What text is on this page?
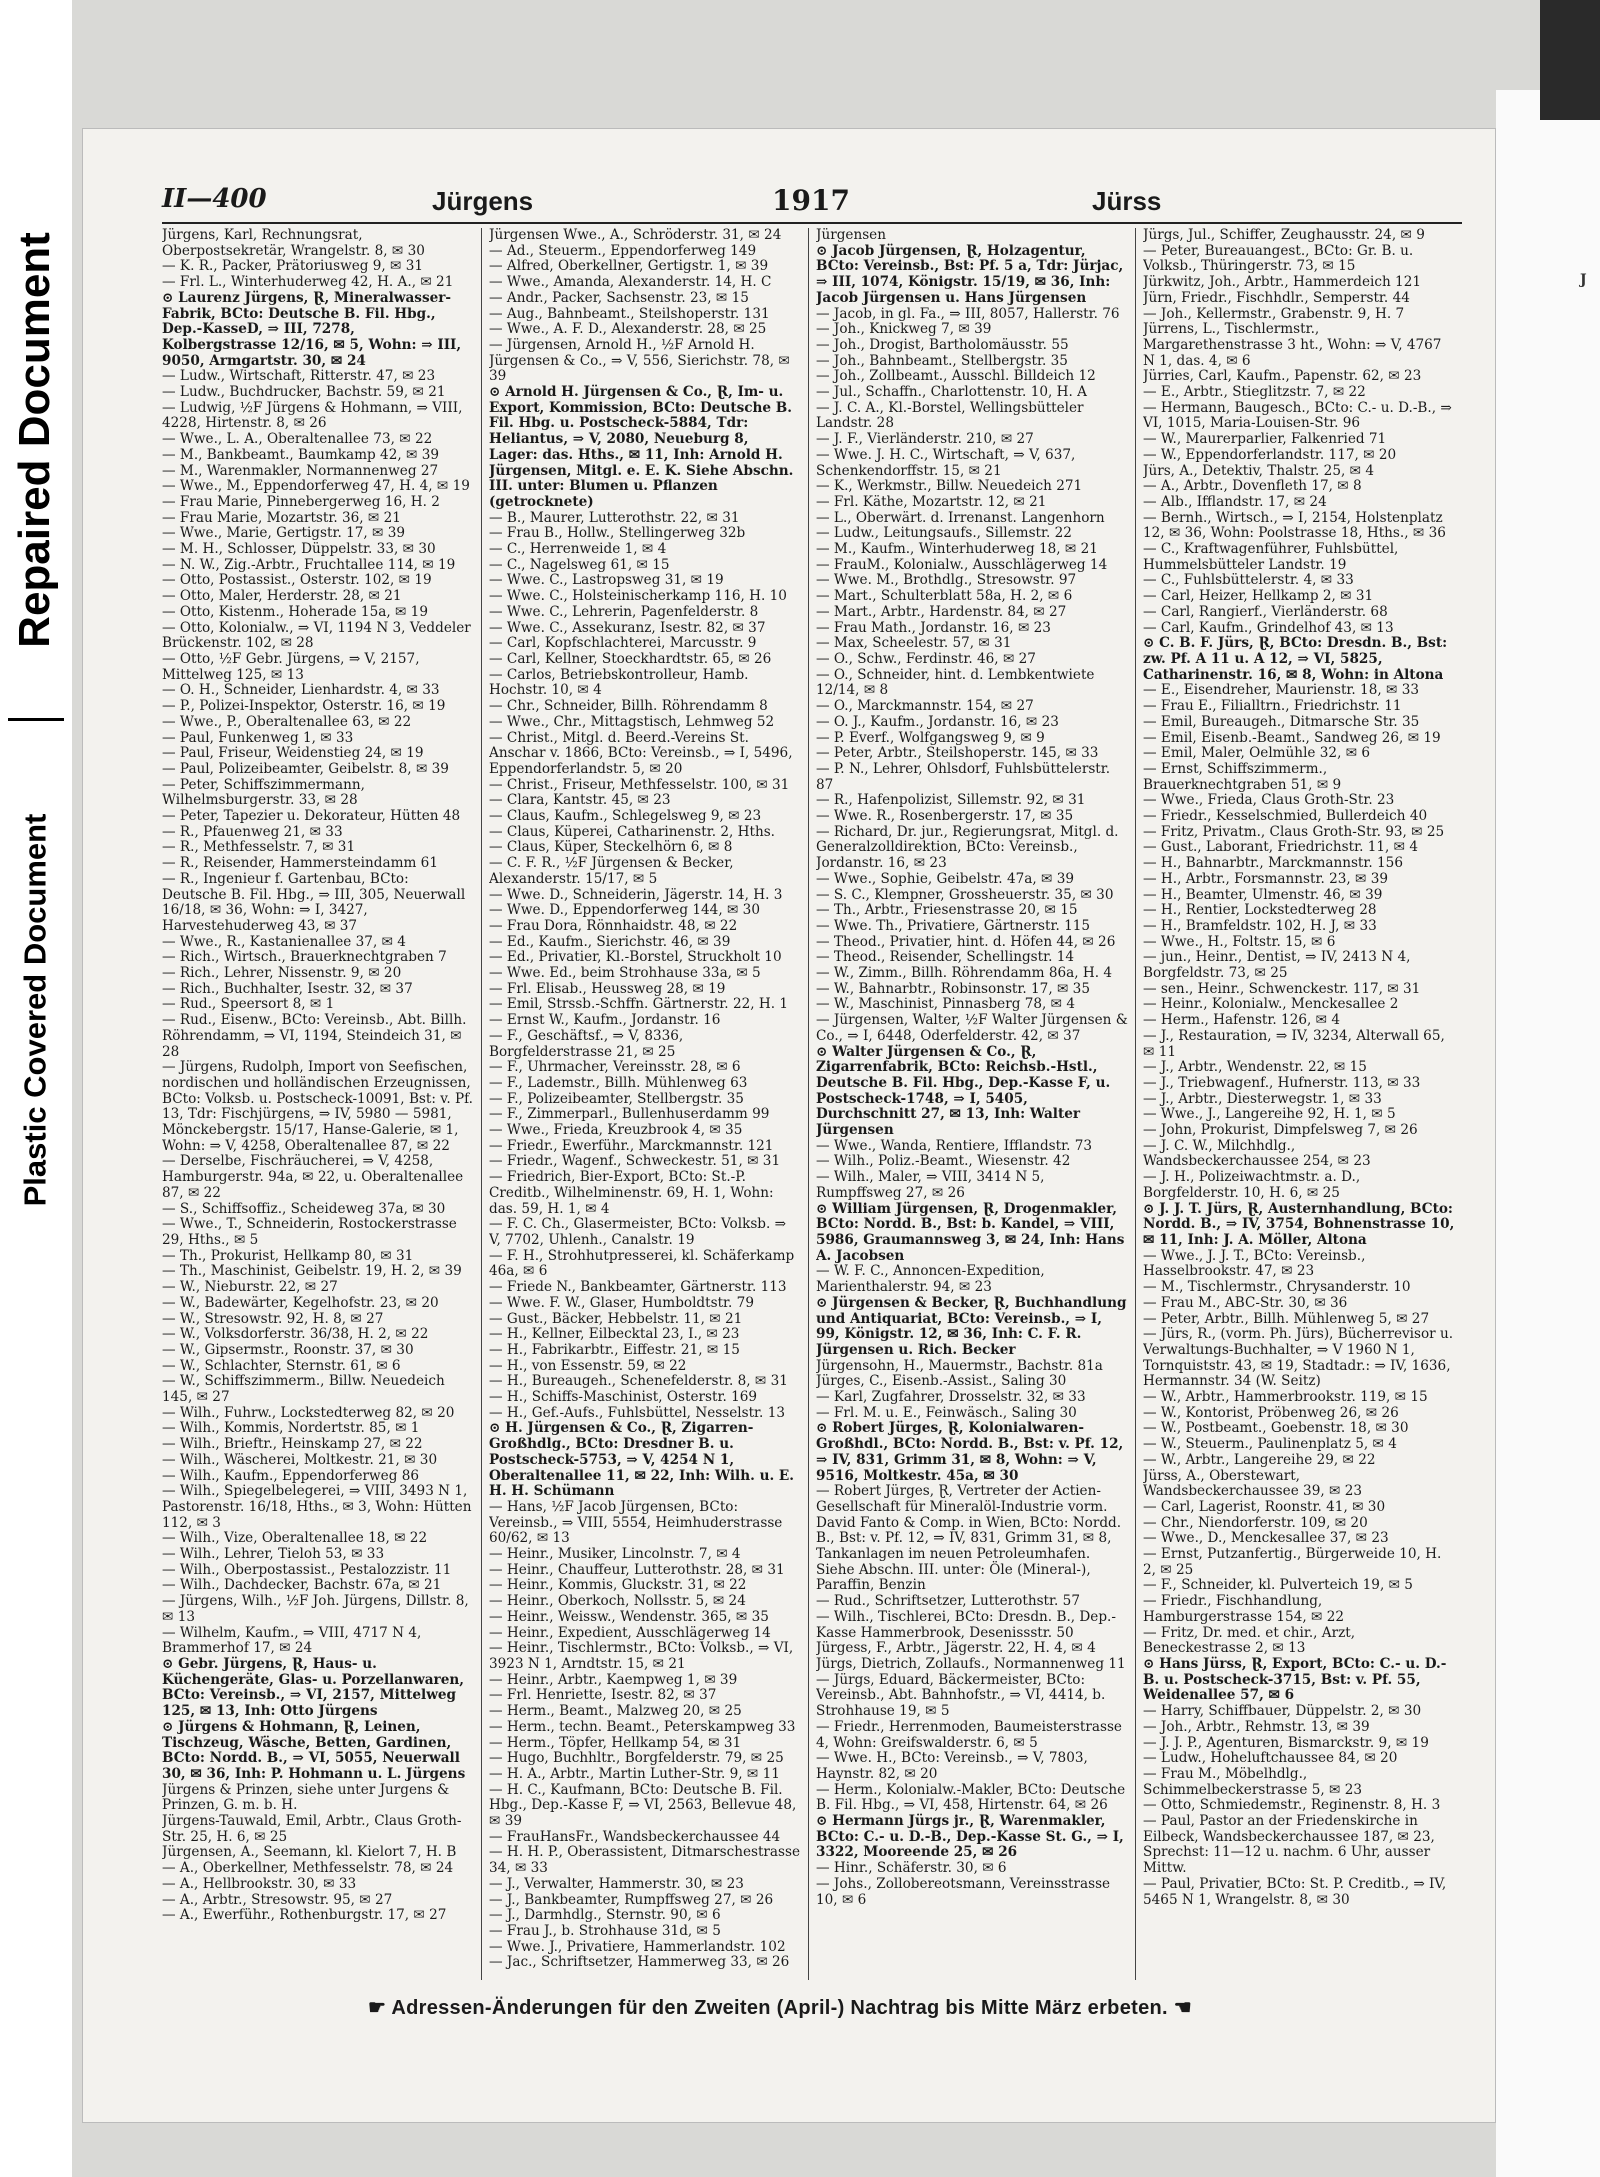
Repaired Document
Plastic Covered Document
J
II—400	Jürgens	1917	Jürss

Jürgens, Karl, Rechnungsrat, Oberpostsekretär, Wrangelstr. 8, ✉ 30

— K. R., Packer, Prätoriusweg 9, ✉ 31

— Frl. L., Winterhuderweg 42, H. A., ✉ 21

⊙ Laurenz Jürgens, Ɽ, Mineralwasser-Fabrik, BCto: Deutsche B. Fil. Hbg., Dep.-KasseD, ⇒ III, 7278, Kolbergstrasse 12/16, ✉ 5, Wohn: ⇒ III, 9050, Armgartstr. 30, ✉ 24

— Ludw., Wirtschaft, Ritterstr. 47, ✉ 23

— Ludw., Buchdrucker, Bachstr. 59, ✉ 21

— Ludwig, ½F Jürgens & Hohmann, ⇒ VIII, 4228, Hirtenstr. 8, ✉ 26

— Wwe., L. A., Oberaltenallee 73, ✉ 22

— M., Bankbeamt., Baumkamp 42, ✉ 39

— M., Warenmakler, Normannenweg 27

— Wwe., M., Eppendorferweg 47, H. 4, ✉ 19

— Frau Marie, Pinnebergerweg 16, H. 2

— Frau Marie, Mozartstr. 36, ✉ 21

— Wwe., Marie, Gertigstr. 17, ✉ 39

— M. H., Schlosser, Düppelstr. 33, ✉ 30

— N. W., Zig.-Arbtr., Fruchtallee 114, ✉ 19

— Otto, Postassist., Osterstr. 102, ✉ 19

— Otto, Maler, Herderstr. 28, ✉ 21

— Otto, Kistenm., Hoherade 15a, ✉ 19

— Otto, Kolonialw., ⇒ VI, 1194 N 3, Veddeler Brückenstr. 102, ✉ 28

— Otto, ½F Gebr. Jürgens, ⇒ V, 2157, Mittelweg 125, ✉ 13

— O. H., Schneider, Lienhardstr. 4, ✉ 33

— P., Polizei-Inspektor, Osterstr. 16, ✉ 19

— Wwe., P., Oberaltenallee 63, ✉ 22

— Paul, Funkenweg 1, ✉ 33

— Paul, Friseur, Weidenstieg 24, ✉ 19

— Paul, Polizeibeamter, Geibelstr. 8, ✉ 39

— Peter, Schiffszimmermann, Wilhelmsburgerstr. 33, ✉ 28

— Peter, Tapezier u. Dekorateur, Hütten 48

— R., Pfauenweg 21, ✉ 33

— R., Methfesselstr. 7, ✉ 31

— R., Reisender, Hammersteindamm 61

— R., Ingenieur f. Gartenbau, BCto: Deutsche B. Fil. Hbg., ⇒ III, 305, Neuerwall 16/18, ✉ 36, Wohn: ⇒ I, 3427, Harvestehuderweg 43, ✉ 37

— Wwe., R., Kastanienallee 37, ✉ 4

— Rich., Wirtsch., Brauerknechtgraben 7

— Rich., Lehrer, Nissenstr. 9, ✉ 20

— Rich., Buchhalter, Isestr. 32, ✉ 37

— Rud., Speersort 8, ✉ 1

— Rud., Eisenw., BCto: Vereinsb., Abt. Billh. Röhrendamm, ⇒ VI, 1194, Steindeich 31, ✉ 28

— Jürgens, Rudolph, Import von Seefischen, nordischen und holländischen Erzeugnissen, BCto: Volksb. u. Postscheck-10091, Bst: v. Pf. 13, Tdr: Fischjürgens, ⇒ IV, 5980 — 5981, Mönckebergstr. 15/17, Hanse-Galerie, ✉ 1, Wohn: ⇒ V, 4258, Oberaltenallee 87, ✉ 22

— Derselbe, Fischräucherei, ⇒ V, 4258, Hamburgerstr. 94a, ✉ 22, u. Oberaltenallee 87, ✉ 22

— S., Schiffsoffiz., Scheideweg 37a, ✉ 30

— Wwe., T., Schneiderin, Rostockerstrasse 29, Hths., ✉ 5

— Th., Prokurist, Hellkamp 80, ✉ 31

— Th., Maschinist, Geibelstr. 19, H. 2, ✉ 39

— W., Nieburstr. 22, ✉ 27

— W., Badewärter, Kegelhofstr. 23, ✉ 20

— W., Stresowstr. 92, H. 8, ✉ 27

— W., Volksdorferstr. 36/38, H. 2, ✉ 22

— W., Gipsermstr., Roonstr. 37, ✉ 30

— W., Schlachter, Sternstr. 61, ✉ 6

— W., Schiffszimmerm., Billw. Neuedeich 145, ✉ 27

— Wilh., Fuhrw., Lockstedterweg 82, ✉ 20

— Wilh., Kommis, Nordertstr. 85, ✉ 1

— Wilh., Brieftr., Heinskamp 27, ✉ 22

— Wilh., Wäscherei, Moltkestr. 21, ✉ 30

— Wilh., Kaufm., Eppendorferweg 86

— Wilh., Spiegelbelegerei, ⇒ VIII, 3493 N 1, Pastorenstr. 16/18, Hths., ✉ 3, Wohn: Hütten 112, ✉ 3

— Wilh., Vize, Oberaltenallee 18, ✉ 22

— Wilh., Lehrer, Tieloh 53, ✉ 33

— Wilh., Oberpostassist., Pestalozzistr. 11

— Wilh., Dachdecker, Bachstr. 67a, ✉ 21

— Jürgens, Wilh., ½F Joh. Jürgens, Dillstr. 8, ✉ 13

— Wilhelm, Kaufm., ⇒ VIII, 4717 N 4, Brammerhof 17, ✉ 24

⊙ Gebr. Jürgens, Ɽ, Haus- u. Küchengeräte, Glas- u. Porzellanwaren, BCto: Vereinsb., ⇒ VI, 2157, Mittelweg 125, ✉ 13, Inh: Otto Jürgens

⊙ Jürgens & Hohmann, Ɽ, Leinen, Tischzeug, Wäsche, Betten, Gardinen, BCto: Nordd. B., ⇒ VI, 5055, Neuerwall 30, ✉ 36, Inh: P. Hohmann u. L. Jürgens

Jürgens & Prinzen, siehe unter Jurgens & Prinzen, G. m. b. H.

Jürgens-Tauwald, Emil, Arbtr., Claus Groth-Str. 25, H. 6, ✉ 25

Jürgensen, A., Seemann, kl. Kielort 7, H. B

— A., Oberkellner, Methfesselstr. 78, ✉ 24

— A., Hellbrookstr. 30, ✉ 33

— A., Arbtr., Stresowstr. 95, ✉ 27

— A., Ewerführ., Rothenburgstr. 17, ✉ 27

Jürgensen Wwe., A., Schröderstr. 31, ✉ 24

— Ad., Steuerm., Eppendorferweg 149

— Alfred, Oberkellner, Gertigstr. 1, ✉ 39

— Wwe., Amanda, Alexanderstr. 14, H. C

— Andr., Packer, Sachsenstr. 23, ✉ 15

— Aug., Bahnbeamt., Steilshoperstr. 131

— Wwe., A. F. D., Alexanderstr. 28, ✉ 25

— Jürgensen, Arnold H., ½F Arnold H. Jürgensen & Co., ⇒ V, 556, Sierichstr. 78, ✉ 39

⊙ Arnold H. Jürgensen & Co., Ɽ, Im- u. Export, Kommission, BCto: Deutsche B. Fil. Hbg. u. Postscheck-5884, Tdr: Heliantus, ⇒ V, 2080, Neueburg 8, Lager: das. Hths., ✉ 11, Inh: Arnold H. Jürgensen, Mitgl. e. E. K. Siehe Abschn. III. unter: Blumen u. Pflanzen (getrocknete)

— B., Maurer, Lutterothstr. 22, ✉ 31

— Frau B., Hollw., Stellingerweg 32b

— C., Herrenweide 1, ✉ 4

— C., Nagelsweg 61, ✉ 15

— Wwe. C., Lastropsweg 31, ✉ 19

— Wwe. C., Holsteinischerkamp 116, H. 10

— Wwe. C., Lehrerin, Pagenfelderstr. 8

— Wwe. C., Assekuranz, Isestr. 82, ✉ 37

— Carl, Kopfschlachterei, Marcusstr. 9

— Carl, Kellner, Stoeckhardtstr. 65, ✉ 26

— Carlos, Betriebskontrolleur, Hamb. Hochstr. 10, ✉ 4

— Chr., Schneider, Billh. Röhrendamm 8

— Wwe., Chr., Mittagstisch, Lehmweg 52

— Christ., Mitgl. d. Beerd.-Vereins St. Anschar v. 1866, BCto: Vereinsb., ⇒ I, 5496, Eppendorferlandstr. 5, ✉ 20

— Christ., Friseur, Methfesselstr. 100, ✉ 31

— Clara, Kantstr. 45, ✉ 23

— Claus, Kaufm., Schlegelsweg 9, ✉ 23

— Claus, Küperei, Catharinenstr. 2, Hths.

— Claus, Küper, Steckelhörn 6, ✉ 8

— C. F. R., ½F Jürgensen & Becker, Alexanderstr. 15/17, ✉ 5

— Wwe. D., Schneiderin, Jägerstr. 14, H. 3

— Wwe. D., Eppendorferweg 144, ✉ 30

— Frau Dora, Rönnhaidstr. 48, ✉ 22

— Ed., Kaufm., Sierichstr. 46, ✉ 39

— Ed., Privatier, Kl.-Borstel, Struckholt 10

— Wwe. Ed., beim Strohhause 33a, ✉ 5

— Frl. Elisab., Heussweg 28, ✉ 19

— Emil, Strssb.-Schffn. Gärtnerstr. 22, H. 1

— Ernst W., Kaufm., Jordanstr. 16

— F., Geschäftsf., ⇒ V, 8336, Borgfelderstrasse 21, ✉ 25

— F., Uhrmacher, Vereinsstr. 28, ✉ 6

— F., Lademstr., Billh. Mühlenweg 63

— F., Polizeibeamter, Stellbergstr. 35

— F., Zimmerparl., Bullenhuserdamm 99

— Wwe., Frieda, Kreuzbrook 4, ✉ 35

— Friedr., Ewerführ., Marckmannstr. 121

— Friedr., Wagenf., Schweckestr. 51, ✉ 31

— Friedrich, Bier-Export, BCto: St.-P. Creditb., Wilhelminenstr. 69, H. 1, Wohn: das. 59, H. 1, ✉ 4

— F. C. Ch., Glasermeister, BCto: Volksb. ⇒ V, 7702, Uhlenh., Canalstr. 19

— F. H., Strohhutpresserei, kl. Schäferkamp 46a, ✉ 6

— Friede N., Bankbeamter, Gärtnerstr. 113

— Wwe. F. W., Glaser, Humboldtstr. 79

— Gust., Bäcker, Hebbelstr. 11, ✉ 21

— H., Kellner, Eilbecktal 23, I., ✉ 23

— H., Fabrikarbtr., Eiffestr. 21, ✉ 15

— H., von Essenstr. 59, ✉ 22

— H., Bureaugeh., Schenefelderstr. 8, ✉ 31

— H., Schiffs-Maschinist, Osterstr. 169

— H., Gef.-Aufs., Fuhlsbüttel, Nesselstr. 13

⊙ H. Jürgensen & Co., Ɽ, Zigarren-Großhdlg., BCto: Dresdner B. u. Postscheck-5753, ⇒ V, 4254 N 1, Oberaltenallee 11, ✉ 22, Inh: Wilh. u. E. H. H. Schümann

— Hans, ½F Jacob Jürgensen, BCto: Vereinsb., ⇒ VIII, 5554, Heimhuderstrasse 60/62, ✉ 13

— Heinr., Musiker, Lincolnstr. 7, ✉ 4

— Heinr., Chauffeur, Lutterothstr. 28, ✉ 31

— Heinr., Kommis, Gluckstr. 31, ✉ 22

— Heinr., Oberkoch, Nollsstr. 5, ✉ 24

— Heinr., Weissw., Wendenstr. 365, ✉ 35

— Heinr., Expedient, Ausschlägerweg 14

— Heinr., Tischlermstr., BCto: Volksb., ⇒ VI, 3923 N 1, Arndtstr. 15, ✉ 21

— Heinr., Arbtr., Kaempweg 1, ✉ 39

— Frl. Henriette, Isestr. 82, ✉ 37

— Herm., Beamt., Malzweg 20, ✉ 25

— Herm., techn. Beamt., Peterskampweg 33

— Herm., Töpfer, Hellkamp 54, ✉ 31

— Hugo, Buchhltr., Borgfelderstr. 79, ✉ 25

— H. A., Arbtr., Martin Luther-Str. 9, ✉ 11

— H. C., Kaufmann, BCto: Deutsche B. Fil. Hbg., Dep.-Kasse F, ⇒ VI, 2563, Bellevue 48, ✉ 39

— FrauHansFr., Wandsbeckerchaussee 44

— H. H. P., Oberassistent, Ditmarschestrasse 34, ✉ 33

— J., Verwalter, Hammerstr. 30, ✉ 23

— J., Bankbeamter, Rumpffsweg 27, ✉ 26

— J., Darmhdlg., Sternstr. 90, ✉ 6

— Frau J., b. Strohhause 31d, ✉ 5

— Wwe. J., Privatiere, Hammerlandstr. 102

— Jac., Schriftsetzer, Hammerweg 33, ✉ 26

Jürgensen

⊙ Jacob Jürgensen, Ɽ, Holzagentur, BCto: Vereinsb., Bst: Pf. 5 a, Tdr: Jürjac, ⇒ III, 1074, Königstr. 15/19, ✉ 36, Inh: Jacob Jürgensen u. Hans Jürgensen

— Jacob, in gl. Fa., ⇒ III, 8057, Hallerstr. 76

— Joh., Knickweg 7, ✉ 39

— Joh., Drogist, Bartholomäusstr. 55

— Joh., Bahnbeamt., Stellbergstr. 35

— Joh., Zollbeamt., Ausschl. Billdeich 12

— Jul., Schaffn., Charlottenstr. 10, H. A

— J. C. A., Kl.-Borstel, Wellingsbütteler Landstr. 28

— J. F., Vierländerstr. 210, ✉ 27

— Wwe. J. H. C., Wirtschaft, ⇒ V, 637, Schenkendorffstr. 15, ✉ 21

— K., Werkmstr., Billw. Neuedeich 271

— Frl. Käthe, Mozartstr. 12, ✉ 21

— L., Oberwärt. d. Irrenanst. Langenhorn

— Ludw., Leitungsaufs., Sillemstr. 22

— M., Kaufm., Winterhuderweg 18, ✉ 21

— FrauM., Kolonialw., Ausschlägerweg 14

— Wwe. M., Brothdlg., Stresowstr. 97

— Mart., Schulterblatt 58a, H. 2, ✉ 6

— Mart., Arbtr., Hardenstr. 84, ✉ 27

— Frau Math., Jordanstr. 16, ✉ 23

— Max, Scheelestr. 57, ✉ 31

— O., Schw., Ferdinstr. 46, ✉ 27

— O., Schneider, hint. d. Lembkentwiete 12/14, ✉ 8

— O., Marckmannstr. 154, ✉ 27

— O. J., Kaufm., Jordanstr. 16, ✉ 23

— P. Everf., Wolfgangsweg 9, ✉ 9

— Peter, Arbtr., Steilshoperstr. 145, ✉ 33

— P. N., Lehrer, Ohlsdorf, Fuhlsbüttelerstr. 87

— R., Hafenpolizist, Sillemstr. 92, ✉ 31

— Wwe. R., Rosenbergerstr. 17, ✉ 35

— Richard, Dr. jur., Regierungsrat, Mitgl. d. Generalzolldirektion, BCto: Vereinsb., Jordanstr. 16, ✉ 23

— Wwe., Sophie, Geibelstr. 47a, ✉ 39

— S. C., Klempner, Grossheuerstr. 35, ✉ 30

— Th., Arbtr., Friesenstrasse 20, ✉ 15

— Wwe. Th., Privatiere, Gärtnerstr. 115

— Theod., Privatier, hint. d. Höfen 44, ✉ 26

— Theod., Reisender, Schellingstr. 14

— W., Zimm., Billh. Röhrendamm 86a, H. 4

— W., Bahnarbtr., Robinsonstr. 17, ✉ 35

— W., Maschinist, Pinnasberg 78, ✉ 4

— Jürgensen, Walter, ½F Walter Jürgensen & Co., ⇒ I, 6448, Oderfelderstr. 42, ✉ 37

⊙ Walter Jürgensen & Co., Ɽ, Zigarrenfabrik, BCto: Reichsb.-Hstl., Deutsche B. Fil. Hbg., Dep.-Kasse F, u. Postscheck-1748, ⇒ I, 5405, Durchschnitt 27, ✉ 13, Inh: Walter Jürgensen

— Wwe., Wanda, Rentiere, Ifflandstr. 73

— Wilh., Poliz.-Beamt., Wiesenstr. 42

— Wilh., Maler, ⇒ VIII, 3414 N 5, Rumpffsweg 27, ✉ 26

⊙ William Jürgensen, Ɽ, Drogenmakler, BCto: Nordd. B., Bst: b. Kandel, ⇒ VIII, 5986, Graumannsweg 3, ✉ 24, Inh: Hans A. Jacobsen

— W. F. C., Annoncen-Expedition, Marienthalerstr. 94, ✉ 23

⊙ Jürgensen & Becker, Ɽ, Buchhandlung und Antiquariat, BCto: Vereinsb., ⇒ I, 99, Königstr. 12, ✉ 36, Inh: C. F. R. Jürgensen u. Rich. Becker

Jürgensohn, H., Mauermstr., Bachstr. 81a

Jürges, C., Eisenb.-Assist., Saling 30

— Karl, Zugfahrer, Drosselstr. 32, ✉ 33

— Frl. M. u. E., Feinwäsch., Saling 30

⊙ Robert Jürges, Ɽ, Kolonialwaren-Großhdl., BCto: Nordd. B., Bst: v. Pf. 12, ⇒ IV, 831, Grimm 31, ✉ 8, Wohn: ⇒ V, 9516, Moltkestr. 45a, ✉ 30

— Robert Jürges, Ɽ, Vertreter der Actien-Gesellschaft für Mineralöl-Industrie vorm. David Fanto & Comp. in Wien, BCto: Nordd. B., Bst: v. Pf. 12, ⇒ IV, 831, Grimm 31, ✉ 8, Tankanlagen im neuen Petroleumhafen. Siehe Abschn. III. unter: Öle (Mineral-), Paraffin, Benzin

— Rud., Schriftsetzer, Lutterothstr. 57

— Wilh., Tischlerei, BCto: Dresdn. B., Dep.-Kasse Hammerbrook, Desenissstr. 50

Jürgess, F., Arbtr., Jägerstr. 22, H. 4, ✉ 4

Jürgs, Dietrich, Zollaufs., Normannenweg 11

— Jürgs, Eduard, Bäckermeister, BCto: Vereinsb., Abt. Bahnhofstr., ⇒ VI, 4414, b. Strohhause 19, ✉ 5

— Friedr., Herrenmoden, Baumeisterstrasse 4, Wohn: Greifswalderstr. 6, ✉ 5

— Wwe. H., BCto: Vereinsb., ⇒ V, 7803, Haynstr. 82, ✉ 20

— Herm., Kolonialw.-Makler, BCto: Deutsche B. Fil. Hbg., ⇒ VI, 458, Hirtenstr. 64, ✉ 26

⊙ Hermann Jürgs jr., Ɽ, Warenmakler, BCto: C.- u. D.-B., Dep.-Kasse St. G., ⇒ I, 3322, Mooreende 25, ✉ 26

— Hinr., Schäferstr. 30, ✉ 6

— Johs., Zollobereotsmann, Vereinsstrasse 10, ✉ 6

Jürgs, Jul., Schiffer, Zeughausstr. 24, ✉ 9

— Peter, Bureauangest., BCto: Gr. B. u. Volksb., Thüringerstr. 73, ✉ 15

Jürkwitz, Joh., Arbtr., Hammerdeich 121

Jürn, Friedr., Fischhdlr., Semperstr. 44

— Joh., Kellermstr., Grabenstr. 9, H. 7

Jürrens, L., Tischlermstr., Margarethenstrasse 3 ht., Wohn: ⇒ V, 4767 N 1, das. 4, ✉ 6

Jürries, Carl, Kaufm., Papenstr. 62, ✉ 23

— E., Arbtr., Stieglitzstr. 7, ✉ 22

— Hermann, Baugesch., BCto: C.- u. D.-B., ⇒ VI, 1015, Maria-Louisen-Str. 96

— W., Maurerparlier, Falkenried 71

— W., Eppendorferlandstr. 117, ✉ 20

Jürs, A., Detektiv, Thalstr. 25, ✉ 4

— A., Arbtr., Dovenfleth 17, ✉ 8

— Alb., Ifflandstr. 17, ✉ 24

— Bernh., Wirtsch., ⇒ I, 2154, Holstenplatz 12, ✉ 36, Wohn: Poolstrasse 18, Hths., ✉ 36

— C., Kraftwagenführer, Fuhlsbüttel, Hummelsbütteler Landstr. 19

— C., Fuhlsbüttelerstr. 4, ✉ 33

— Carl, Heizer, Hellkamp 2, ✉ 31

— Carl, Rangierf., Vierländerstr. 68

— Carl, Kaufm., Grindelhof 43, ✉ 13

⊙ C. B. F. Jürs, Ɽ, BCto: Dresdn. B., Bst: zw. Pf. A 11 u. A 12, ⇒ VI, 5825, Catharinenstr. 16, ✉ 8, Wohn: in Altona

— E., Eisendreher, Maurienstr. 18, ✉ 33

— Frau E., Filialltrn., Friedrichstr. 11

— Emil, Bureaugeh., Ditmarsche Str. 35

— Emil, Eisenb.-Beamt., Sandweg 26, ✉ 19

— Emil, Maler, Oelmühle 32, ✉ 6

— Ernst, Schiffszimmerm., Brauerknechtgraben 51, ✉ 9

— Wwe., Frieda, Claus Groth-Str. 23

— Friedr., Kesselschmied, Bullerdeich 40

— Fritz, Privatm., Claus Groth-Str. 93, ✉ 25

— Gust., Laborant, Friedrichstr. 11, ✉ 4

— H., Bahnarbtr., Marckmannstr. 156

— H., Arbtr., Forsmannstr. 23, ✉ 39

— H., Beamter, Ulmenstr. 46, ✉ 39

— H., Rentier, Lockstedterweg 28

— H., Bramfeldstr. 102, H. J, ✉ 33

— Wwe., H., Foltstr. 15, ✉ 6

— jun., Heinr., Dentist, ⇒ IV, 2413 N 4, Borgfeldstr. 73, ✉ 25

— sen., Heinr., Schwenckestr. 117, ✉ 31

— Heinr., Kolonialw., Menckesallee 2

— Herm., Hafenstr. 126, ✉ 4

— J., Restauration, ⇒ IV, 3234, Alterwall 65, ✉ 11

— J., Arbtr., Wendenstr. 22, ✉ 15

— J., Triebwagenf., Hufnerstr. 113, ✉ 33

— J., Arbtr., Diesterwegstr. 1, ✉ 33

— Wwe., J., Langereihe 92, H. 1, ✉ 5

— John, Prokurist, Dimpfelsweg 7, ✉ 26

— J. C. W., Milchhdlg., Wandsbeckerchaussee 254, ✉ 23

— J. H., Polizeiwachtmstr. a. D., Borgfelderstr. 10, H. 6, ✉ 25

⊙ J. J. T. Jürs, Ɽ, Austernhandlung, BCto: Nordd. B., ⇒ IV, 3754, Bohnenstrasse 10, ✉ 11, Inh: J. A. Möller, Altona

— Wwe., J. J. T., BCto: Vereinsb., Hasselbrookstr. 47, ✉ 23

— M., Tischlermstr., Chrysanderstr. 10

— Frau M., ABC-Str. 30, ✉ 36

— Peter, Arbtr., Billh. Mühlenweg 5, ✉ 27

— Jürs, R., (vorm. Ph. Jürs), Bücherrevisor u. Verwaltungs-Buchhalter, ⇒ V 1960 N 1, Tornquiststr. 43, ✉ 19, Stadtadr.: ⇒ IV, 1636, Hermannstr. 34 (W. Seitz)

— W., Arbtr., Hammerbrookstr. 119, ✉ 15

— W., Kontorist, Pröbenweg 26, ✉ 26

— W., Postbeamt., Goebenstr. 18, ✉ 30

— W., Steuerm., Paulinenplatz 5, ✉ 4

— W., Arbtr., Langereihe 29, ✉ 22

Jürss, A., Oberstewart, Wandsbeckerchaussee 39, ✉ 23

— Carl, Lagerist, Roonstr. 41, ✉ 30

— Chr., Niendorferstr. 109, ✉ 20

— Wwe., D., Menckesallee 37, ✉ 23

— Ernst, Putzanfertig., Bürgerweide 10, H. 2, ✉ 25

— F., Schneider, kl. Pulverteich 19, ✉ 5

— Friedr., Fischhandlung, Hamburgerstrasse 154, ✉ 22

— Fritz, Dr. med. et chir., Arzt, Beneckestrasse 2, ✉ 13

⊙ Hans Jürss, Ɽ, Export, BCto: C.- u. D.-B. u. Postscheck-3715, Bst: v. Pf. 55, Weidenallee 57, ✉ 6

— Harry, Schiffbauer, Düppelstr. 2, ✉ 30

— Joh., Arbtr., Rehmstr. 13, ✉ 39

— J. J. P., Agenturen, Bismarckstr. 9, ✉ 19

— Ludw., Hoheluftchaussee 84, ✉ 20

— Frau M., Möbelhdlg., Schimmelbeckerstrasse 5, ✉ 23

— Otto, Schmiedemstr., Reginenstr. 8, H. 3

— Paul, Pastor an der Friedenskirche in Eilbeck, Wandsbeckerchaussee 187, ✉ 23, Sprechst: 11—12 u. nachm. 6 Uhr, ausser Mittw.

— Paul, Privatier, BCto: St. P. Creditb., ⇒ IV, 5465 N 1, Wrangelstr. 8, ✉ 30

☛ Adressen-Änderungen für den Zweiten (April-) Nachtrag bis Mitte März erbeten. ☚
